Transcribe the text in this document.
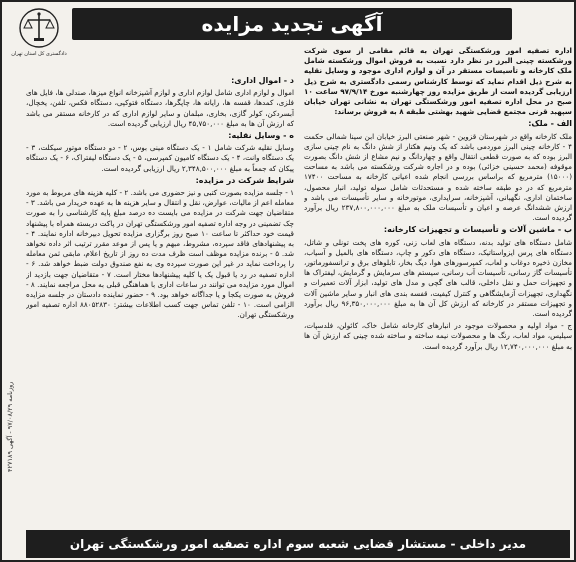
دادگستری کل استان تهران
آگهی تجدید مزایده
د - اموال اداری:

اموال و لوازم اداری شامل لوازم اداری و لوازم آشپزخانه انواع میزها، صندلی ها، فایل های فلزی، کمدها، قفسه ها، رایانه ها، چاپگرها، دستگاه فتوکپی، دستگاه فکس، تلفن، یخچال، آبسردکن، کولر گازی، بخاری، مبلمان و سایر لوازم اداری که در کارخانه مستقر می باشد که ارزش آن ها به مبلغ ۴۵,۷۵۰,۰۰۰ ریال ارزیابی گردیده است.

ه - وسایل نقلیه:

وسایل نقلیه شرکت شامل ۱ - یک دستگاه مینی بوس، ۲ - دو دستگاه موتور سیکلت، ۳ - یک دستگاه وانت، ۴ - یک دستگاه کامیون کمپرسی، ۵ - یک دستگاه لیفتراک، ۶ - یک دستگاه پیکان که جمعاً به مبلغ ۲,۳۴۸,۵۰۰,۰۰۰ ریال ارزیابی گردیده است.

شرایط شرکت در مزایده:

۱ - جلسه مزایده بصورت کتبی و نیز حضوری می باشد. ۲ - کلیه هزینه های مربوط به مورد معامله اعم از مالیات، عوارض، نقل و انتقال و سایر هزینه ها به عهده خریدار می باشد. ۳ - متقاضیان جهت شرکت در مزایده می بایست ده درصد مبلغ پایه کارشناسی را به صورت چک تضمینی در وجه اداره تصفیه امور ورشکستگی تهران در پاکت دربسته همراه با پیشنهاد قیمت خود حداکثر تا ساعت ۱۰ صبح روز برگزاری مزایده تحویل دبیرخانه اداره نمایند. ۴ - به پیشنهادهای فاقد سپرده، مشروط، مبهم و یا پس از موعد مقرر ترتیب اثر داده نخواهد شد. ۵ - برنده مزایده موظف است ظرف مدت ده روز از تاریخ اعلام، مابقی ثمن معامله را پرداخت نماید در غیر این صورت سپرده وی به نفع صندوق دولت ضبط خواهد شد. ۶ - اداره تصفیه در رد یا قبول یک یا کلیه پیشنهادها مختار است. ۷ - متقاضیان جهت بازدید از اموال مورد مزایده می توانند در ساعات اداری با هماهنگی قبلی به محل مراجعه نمایند. ۸ - فروش به صورت یکجا و یا جداگانه خواهد بود. ۹ - حضور نماینده دادستان در جلسه مزایده الزامی است. ۱۰ - تلفن تماس جهت کسب اطلاعات بیشتر: ۸۸۰۵۲۸۳۰ اداره تصفیه امور ورشکستگی تهران.

اداره تصفیه امور ورشکستگی تهران به قائم مقامی از سوی شرکت ورشکسته چینی البرز در نظر دارد نسبت به فروش اموال ورشکسته شامل ملک کارخانه و تأسیسات مستقر در آن و لوازم اداری موجود و وسایل نقلیه به شرح ذیل اقدام نماید که توسط کارشناس رسمی دادگستری به شرح ذیل ارزیابی گردیده است از طریق مزایده روز چهارشنبه مورخ ۹۷/۹/۱۴ ساعت ۱۰ صبح در محل اداره تصفیه امور ورشکستگی تهران به نشانی تهران خیابان سپهبد قرنی مجتمع قضایی شهید بهشتی طبقه ۸ به فروش برساند:

الف - ملک:

ملک کارخانه واقع در شهرستان قزوین - شهر صنعتی البرز خیابان ابن سینا شمالی حکمت ۴ - کارخانه چینی البرز موردمی باشد که یک ونیم هکتار از شش دانگ به نام چینی سازی البرز بوده که به صورت قطعی انتقال واقع و چهاردانگ و نیم مشاع از شش دانگ بصورت موقوفه (محمد حسینی خزائی) بوده و در اجاره شرکت ورشکسته می باشد به مساحت (۱۵۰۰۰) مترمربع که براساس بررسی انجام شده اعیانی کارخانه به مساحت ۱۷۴۰۰ مترمربع که در دو طبقه ساخته شده و مستحدثات شامل سوله تولید، انبار محصول، ساختمان اداری، نگهبانی، آشپزخانه، سرایداری، موتورخانه و سایر تأسیسات می باشد و ارزش ششدانگ عرصه و اعیان و تأسیسات ملک به مبلغ ۲۳۷,۸۰۰,۰۰۰,۰۰۰ ریال برآورد گردیده است.

ب - ماشین آلات و تأسیسات و تجهیزات کارخانه:

شامل دستگاه های تولید بدنه، دستگاه های لعاب زنی، کوره های پخت تونلی و شاتل، دستگاه های پرس ایزواستاتیک، دستگاه های دکور و چاپ، دستگاه های بالمیل و آسیاب، مخازن ذخیره دوغاب و لعاب، کمپرسورهای هوا، دیگ بخار، تابلوهای برق و ترانسفورماتور، تأسیسات گاز رسانی، تأسیسات آب رسانی، سیستم های سرمایش و گرمایش، لیفتراک ها و تجهیزات حمل و نقل داخلی، قالب های گچی و مدل های تولید، ابزار آلات تعمیرات و نگهداری، تجهیزات آزمایشگاهی و کنترل کیفیت، قفسه بندی های انبار و سایر ماشین آلات و تجهیزات مستقر در کارخانه که ارزش کل آن ها به مبلغ ۹۶,۳۵۰,۰۰۰,۰۰۰ ریال برآورد گردیده است.

ج - مواد اولیه و محصولات موجود در انبارهای کارخانه شامل خاک، کائولن، فلدسپات، سیلیس، مواد لعاب، رنگ ها و محصولات نیمه ساخته و ساخته شده چینی که ارزش آن ها به مبلغ ۱۲,۷۴۰,۰۰۰,۰۰۰ ریال برآورد گردیده است.

روزنامه ۹۷/۰۸/۲۹ - آگهی ۴۲۷۱۸۹
مدیر داخلی - مستشار قضایی شعبه سوم اداره تصفیه امور ورشکستگی تهران
